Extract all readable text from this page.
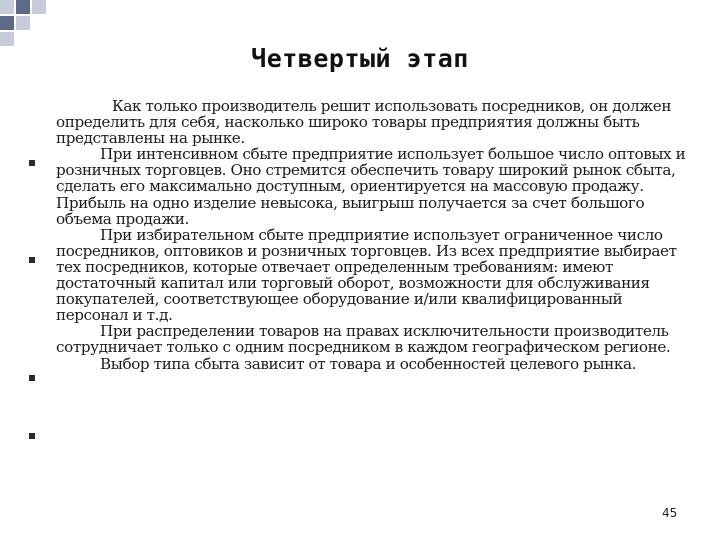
Четвертый этап

Как только производитель решит использовать посредников, он должен определить для себя, насколько широко товары предприятия должны быть представлены на рынке.

При интенсивном сбыте предприятие использует большое число оптовых и розничных торговцев. Оно стремится обеспечить товару широкий рынок сбыта, сделать его максимально доступным, ориентируется на массовую продажу. Прибыль на одно изделие невысока, выигрыш получается за счет большого объема продажи.

При избирательном сбыте предприятие использует ограниченное число посредников, оптовиков и розничных торговцев. Из всех предприятие выбирает тех посредников, которые отвечает определенным требованиям: имеют достаточный капитал или торговый оборот, возможности для обслуживания покупателей, соответствующее оборудование и/или квалифицированный персонал и т.д.

При распределении товаров на правах исключительности производитель сотрудничает только с одним посредником в каждом географическом регионе.

Выбор типа сбыта зависит от товара и особенностей целевого рынка.

45
